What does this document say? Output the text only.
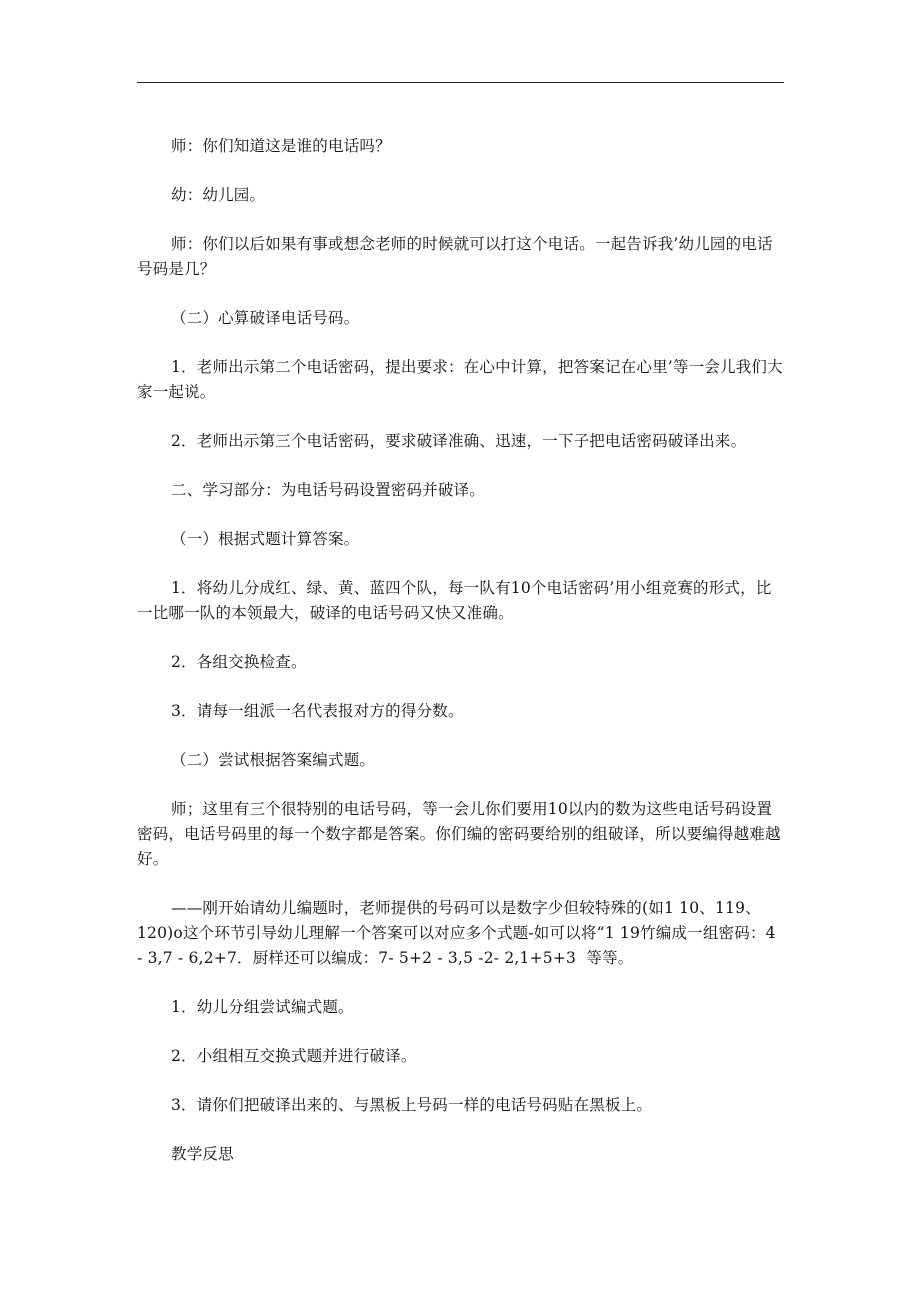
师：你们知道这是谁的电话吗？

幼：幼儿园。

师：你们以后如果有事或想念老师的时候就可以打这个电话。一起告诉我’幼儿园的电话号码是几？

（二）心算破译电话号码。

1．老师出示第二个电话密码，提出要求：在心中计算，把答案记在心里’等一会儿我们大家一起说。

2．老师出示第三个电话密码，要求破译准确、迅速，一下子把电话密码破译出来。

二、学习部分：为电话号码设置密码并破译。

（一）根据式题计算答案。

1．将幼儿分成红、绿、黄、蓝四个队，每一队有10个电话密码’用小组竞赛的形式，比一比哪一队的本领最大，破译的电话号码又快又准确。

2．各组交换检查。

3．请每一组派一名代表报对方的得分数。

（二）尝试根据答案编式题。

师；这里有三个很特别的电话号码，等一会儿你们要用10以内的数为这些电话号码设置密码，电话号码里的每一个数字都是答案。你们编的密码要给别的组破译，所以要编得越难越好。

——刚开始请幼儿编题时，老师提供的号码可以是数字少但较特殊的(如1 10、119、120)o这个环节引导幼儿理解一个答案可以对应多个式题-如可以将“1 19竹编成一组密码：4 - 3,7 - 6,2+7．厨样还可以编成：7- 5+2 - 3,5 -2- 2,1+5+3  等等。

1．幼儿分组尝试编式题。

2．小组相互交换式题并进行破译。

3．请你们把破译出来的、与黑板上号码一样的电话号码贴在黑板上。

教学反思
